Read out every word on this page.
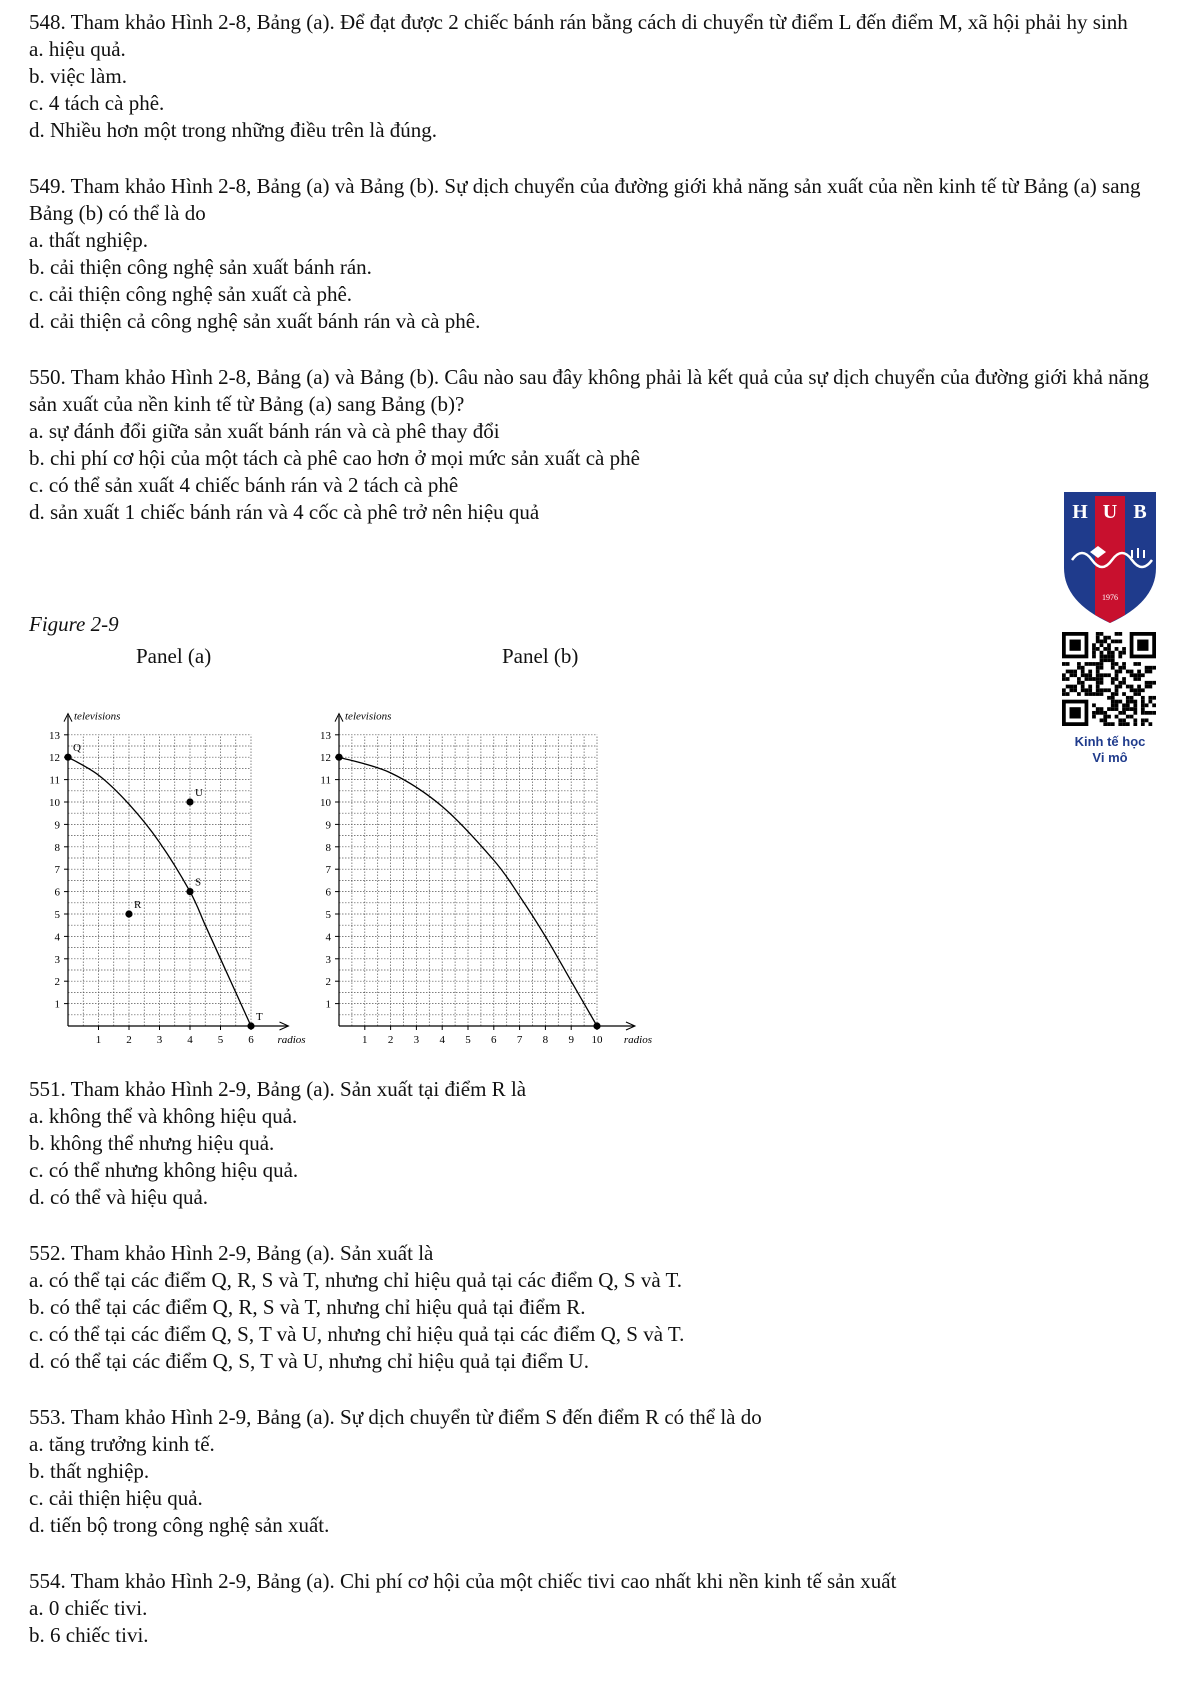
548. Tham khảo Hình 2-8, Bảng (a). Để đạt được 2 chiếc bánh rán bằng cách di chuyển từ điểm L đến điểm M, xã hội phải hy sinh

a. hiệu quả.

b. việc làm.

c. 4 tách cà phê.

d. Nhiều hơn một trong những điều trên là đúng.

549. Tham khảo Hình 2-8, Bảng (a) và Bảng (b). Sự dịch chuyển của đường giới khả năng sản xuất của nền kinh tế từ Bảng (a) sang Bảng (b) có thể là do

a. thất nghiệp.

b. cải thiện công nghệ sản xuất bánh rán.

c. cải thiện công nghệ sản xuất cà phê.

d. cải thiện cả công nghệ sản xuất bánh rán và cà phê.

550. Tham khảo Hình 2-8, Bảng (a) và Bảng (b). Câu nào sau đây không phải là kết quả của sự dịch chuyển của đường giới khả năng sản xuất của nền kinh tế từ Bảng (a) sang Bảng (b)?

a. sự đánh đổi giữa sản xuất bánh rán và cà phê thay đổi

b. chi phí cơ hội của một tách cà phê cao hơn ở mọi mức sản xuất cà phê

c. có thể sản xuất 4 chiếc bánh rán và 2 tách cà phê

d. sản xuất 1 chiếc bánh rán và 4 cốc cà phê trở nên hiệu quả

Figure 2-9
Panel (a)	Panel (b)
1
2
3
4
5
6
7
8
9
10
11
12
13
1 2 3 4 5 6
televisions
radios
Q
U
S
R
T
1
2
3
4
5
6
7
8
9
10
11
12
13
1 2 3 4 5 6 7 8 9 10
televisions
radios
H U B
1976
Kinh tế học
Vi mô

551. Tham khảo Hình 2-9, Bảng (a). Sản xuất tại điểm R là

a. không thể và không hiệu quả.

b. không thể nhưng hiệu quả.

c. có thể nhưng không hiệu quả.

d. có thể và hiệu quả.

552. Tham khảo Hình 2-9, Bảng (a). Sản xuất là

a. có thể tại các điểm Q, R, S và T, nhưng chỉ hiệu quả tại các điểm Q, S và T.

b. có thể tại các điểm Q, R, S và T, nhưng chỉ hiệu quả tại điểm R.

c. có thể tại các điểm Q, S, T và U, nhưng chỉ hiệu quả tại các điểm Q, S và T.

d. có thể tại các điểm Q, S, T và U, nhưng chỉ hiệu quả tại điểm U.

553. Tham khảo Hình 2-9, Bảng (a). Sự dịch chuyển từ điểm S đến điểm R có thể là do

a. tăng trưởng kinh tế.

b. thất nghiệp.

c. cải thiện hiệu quả.

d. tiến bộ trong công nghệ sản xuất.

554. Tham khảo Hình 2-9, Bảng (a). Chi phí cơ hội của một chiếc tivi cao nhất khi nền kinh tế sản xuất

a. 0 chiếc tivi.

b. 6 chiếc tivi.
